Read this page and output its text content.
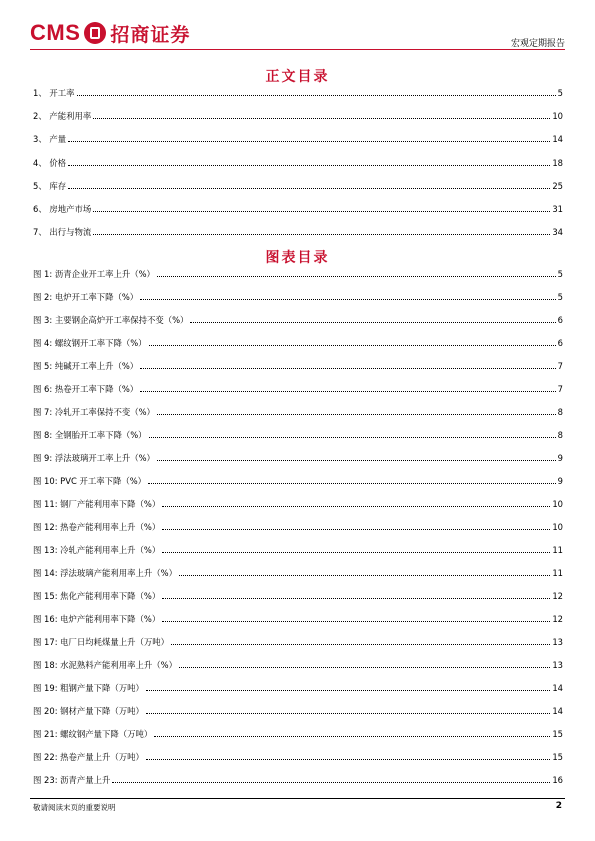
CMS 招商证券	宏观定期报告
正文目录
1、 开工率	5
2、 产能利用率	10
3、 产量	14
4、 价格	18
5、 库存	25
6、 房地产市场	31
7、 出行与物流	34
图表目录
图 1: 沥青企业开工率上升（%）	5
图 2: 电炉开工率下降（%）	5
图 3: 主要钢企高炉开工率保持不变（%）	6
图 4: 螺纹钢开工率下降（%）	6
图 5: 纯碱开工率上升（%）	7
图 6: 热卷开工率下降（%）	7
图 7: 冷轧开工率保持不变（%）	8
图 8: 全钢胎开工率下降（%）	8
图 9: 浮法玻璃开工率上升（%）	9
图 10: PVC 开工率下降（%）	9
图 11: 钢厂产能利用率下降（%）	10
图 12: 热卷产能利用率上升（%）	10
图 13: 冷轧产能利用率上升（%）	11
图 14: 浮法玻璃产能利用率上升（%）	11
图 15: 焦化产能利用率下降（%）	12
图 16: 电炉产能利用率下降（%）	12
图 17: 电厂日均耗煤量上升（万吨）	13
图 18: 水泥熟料产能利用率上升（%）	13
图 19: 粗钢产量下降（万吨）	14
图 20: 钢材产量下降（万吨）	14
图 21: 螺纹钢产量下降（万吨）	15
图 22: 热卷产量上升（万吨）	15
图 23: 沥青产量上升	16
敬请阅读末页的重要说明	2
